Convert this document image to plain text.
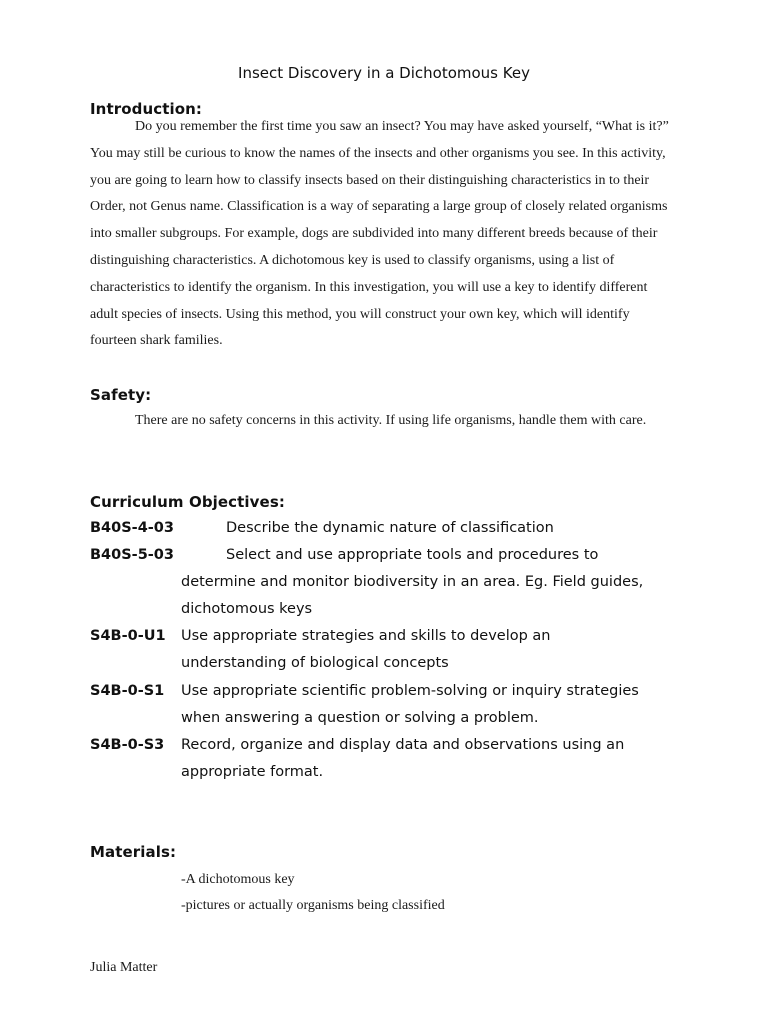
Insect Discovery in a Dichotomous Key
Introduction:
Do you remember the first time you saw an insect? You may have asked yourself, “What is it?” You may still be curious to know the names of the insects and other organisms you see. In this activity, you are going to learn how to classify insects based on their distinguishing characteristics in to their Order, not Genus name. Classification is a way of separating a large group of closely related organisms into smaller subgroups. For example, dogs are subdivided into many different breeds because of their distinguishing characteristics. A dichotomous key is used to classify organisms, using a list of characteristics to identify the organism. In this investigation, you will use a key to identify different adult species of insects. Using this method, you will construct your own key, which will identify fourteen shark families.
Safety:
There are no safety concerns in this activity. If using life organisms, handle them with care.
Curriculum Objectives:
B40S-4-03	Describe the dynamic nature of classification
B40S-5-03	Select and use appropriate tools and procedures to
determine and monitor biodiversity in an area. Eg. Field guides,
dichotomous keys
S4B-0-U1 Use appropriate strategies and skills to develop an
understanding of biological concepts
S4B-0-S1 Use appropriate scientific problem-solving or inquiry strategies
when answering a question or solving a problem.
S4B-0-S3 Record, organize and display data and observations using an
appropriate format.
Materials:
-A dichotomous key
-pictures or actually organisms being classified
Julia Matter
